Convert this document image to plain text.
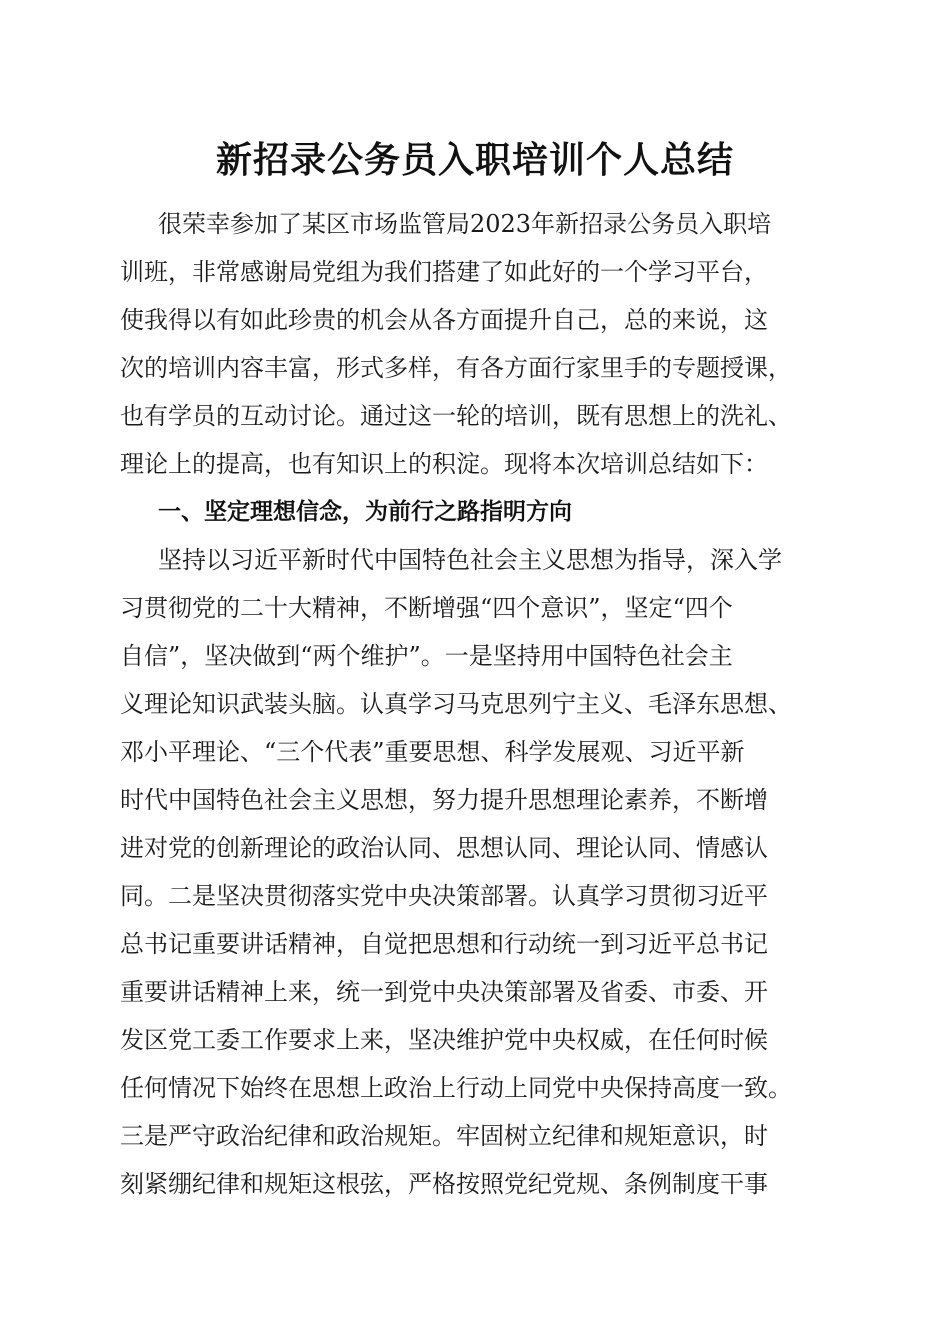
新招录公务员入职培训个人总结
很荣幸参加了某区市场监管局2023年新招录公务员入职培
训班，非常感谢局党组为我们搭建了如此好的一个学习平台，
使我得以有如此珍贵的机会从各方面提升自己，总的来说，这
次的培训内容丰富，形式多样，有各方面行家里手的专题授课，
也有学员的互动讨论。通过这一轮的培训，既有思想上的洗礼、
理论上的提高，也有知识上的积淀。现将本次培训总结如下：
一、坚定理想信念，为前行之路指明方向
坚持以习近平新时代中国特色社会主义思想为指导，深入学
习贯彻党的二十大精神，不断增强“四个意识”，坚定“四个
自信”，坚决做到“两个维护”。一是坚持用中国特色社会主
义理论知识武装头脑。认真学习马克思列宁主义、毛泽东思想、
邓小平理论、“三个代表”重要思想、科学发展观、习近平新
时代中国特色社会主义思想，努力提升思想理论素养，不断增
进对党的创新理论的政治认同、思想认同、理论认同、情感认
同。二是坚决贯彻落实党中央决策部署。认真学习贯彻习近平
总书记重要讲话精神，自觉把思想和行动统一到习近平总书记
重要讲话精神上来，统一到党中央决策部署及省委、市委、开
发区党工委工作要求上来，坚决维护党中央权威，在任何时候
任何情况下始终在思想上政治上行动上同党中央保持高度一致。
三是严守政治纪律和政治规矩。牢固树立纪律和规矩意识，时
刻紧绷纪律和规矩这根弦，严格按照党纪党规、条例制度干事
